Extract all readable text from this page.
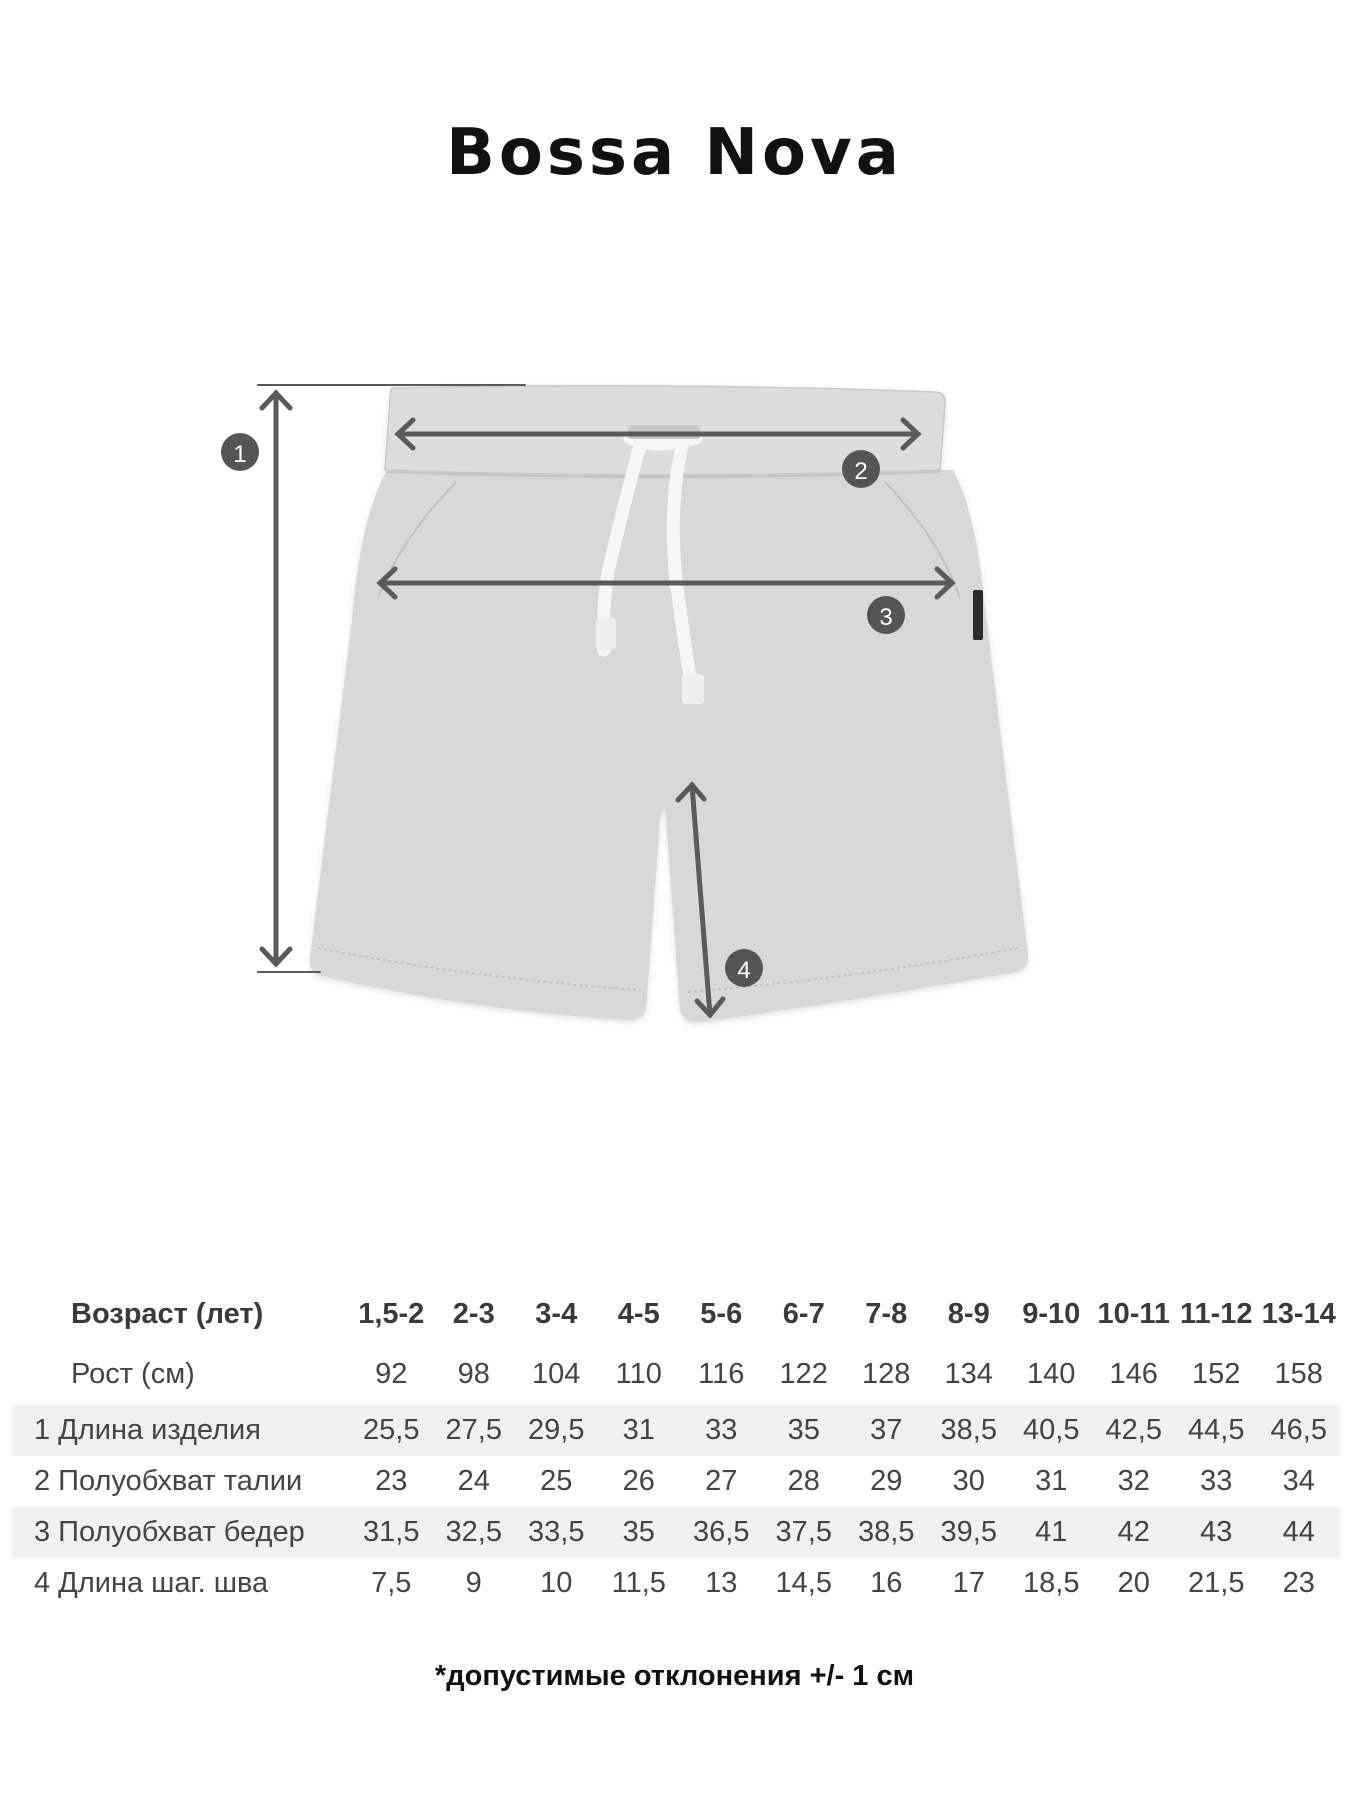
Bossa Nova
1
2
3
4
Возраст (лет)	1,5-2	2-3	3-4	4-5	5-6	6-7	7-8	8-9	9-10	10-11	11-12	13-14
Рост (см)	92	98	104	110	116	122	128	134	140	146	152	158
1 Длина изделия	25,5	27,5	29,5	31	33	35	37	38,5	40,5	42,5	44,5	46,5
2 Полуобхват талии	23	24	25	26	27	28	29	30	31	32	33	34
3 Полуобхват бедер	31,5	32,5	33,5	35	36,5	37,5	38,5	39,5	41	42	43	44
4 Длина шаг. шва	7,5	9	10	11,5	13	14,5	16	17	18,5	20	21,5	23
*допустимые отклонения +/- 1 см
